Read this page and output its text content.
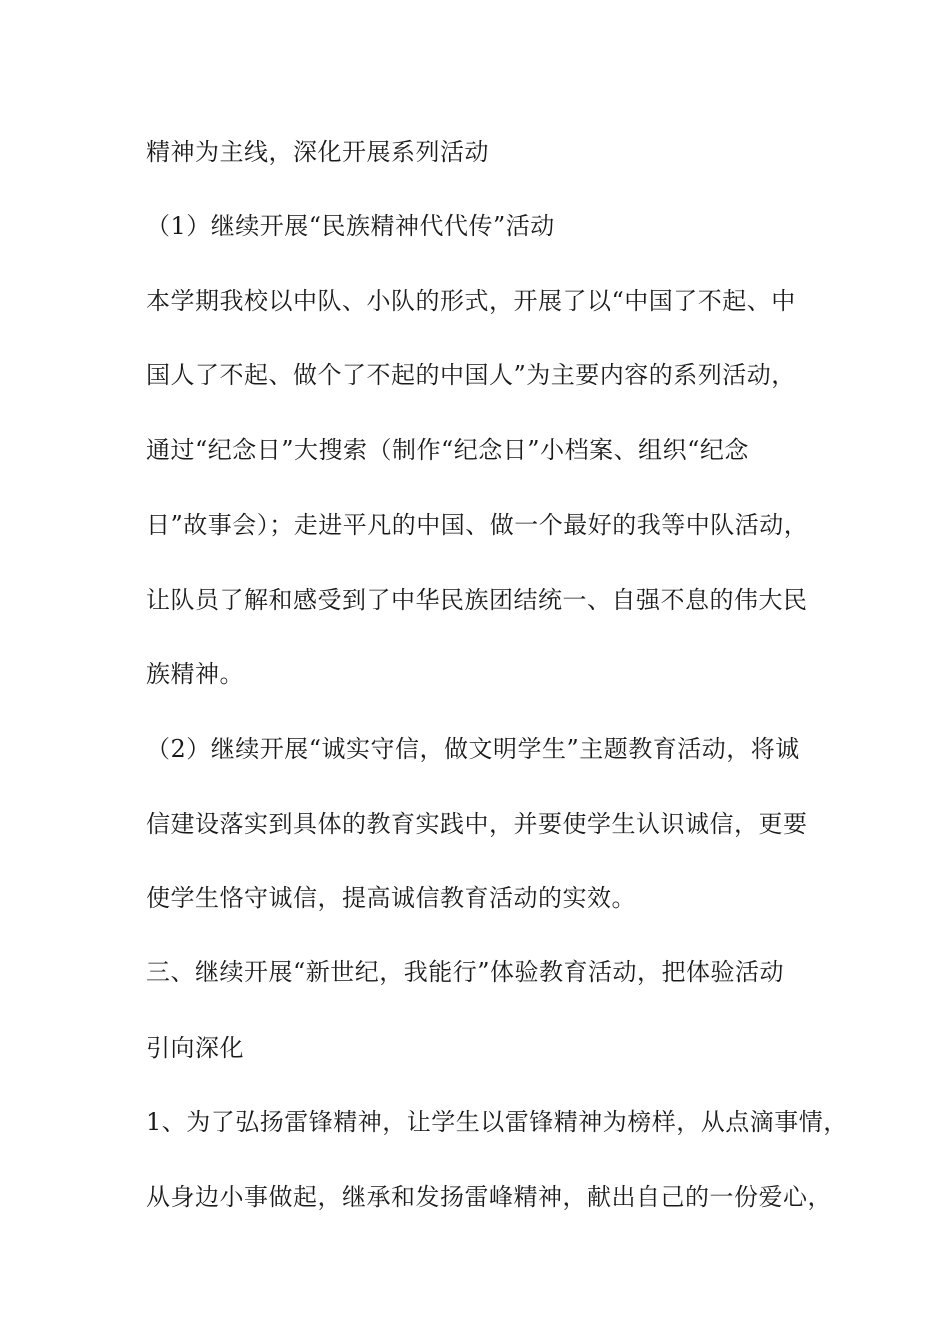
精神为主线，深化开展系列活动

（1）继续开展“民族精神代代传”活动

本学期我校以中队、小队的形式，开展了以“中国了不起、中

国人了不起、做个了不起的中国人”为主要内容的系列活动，

通过“纪念日”大搜索（制作“纪念日”小档案、组织“纪念

日”故事会）；走进平凡的中国、做一个最好的我等中队活动，

让队员了解和感受到了中华民族团结统一、自强不息的伟大民

族精神。

（2）继续开展“诚实守信，做文明学生”主题教育活动，将诚

信建设落实到具体的教育实践中，并要使学生认识诚信，更要

使学生恪守诚信，提高诚信教育活动的实效。

三、继续开展“新世纪，我能行”体验教育活动，把体验活动

引向深化

1、为了弘扬雷锋精神，让学生以雷锋精神为榜样，从点滴事情，

从身边小事做起，继承和发扬雷峰精神，献出自己的一份爱心，
